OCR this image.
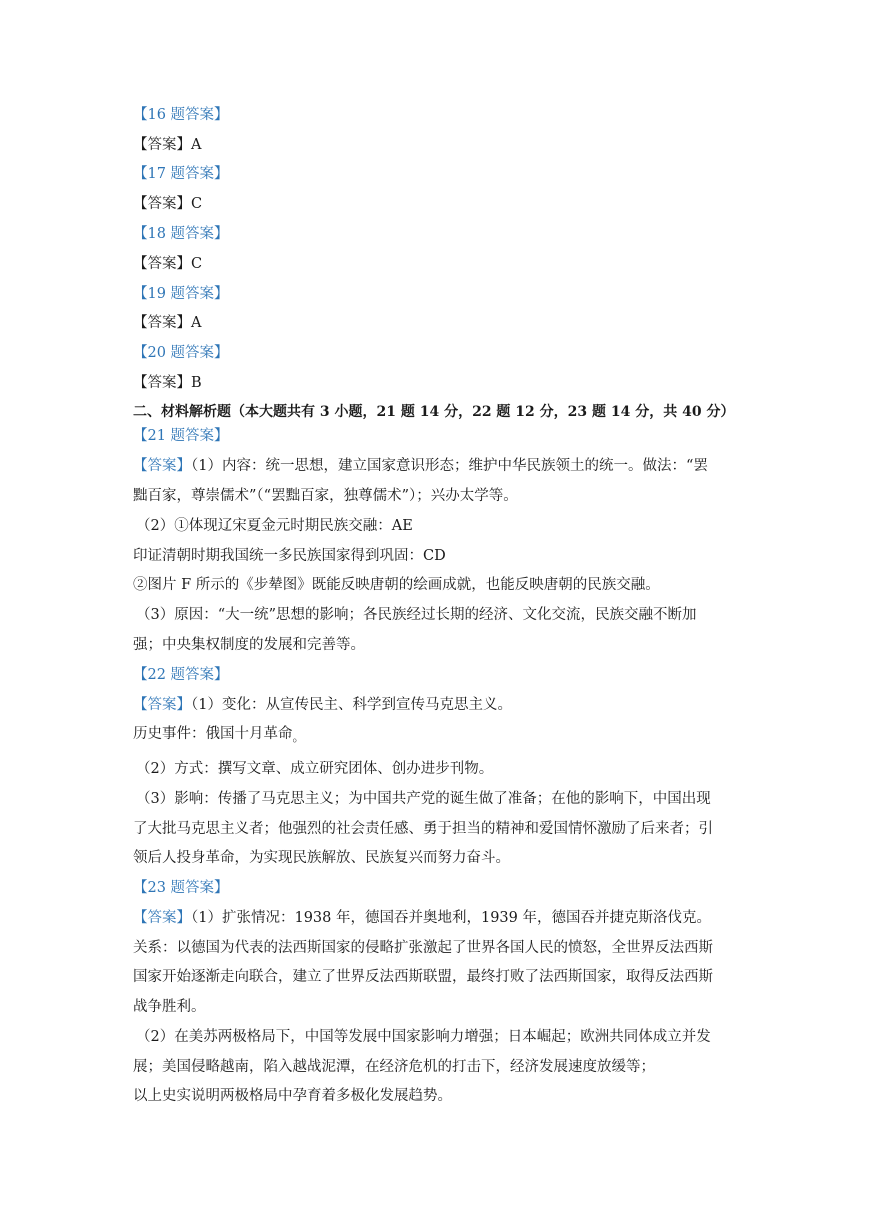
【16 题答案】
【答案】A
【17 题答案】
【答案】C
【18 题答案】
【答案】C
【19 题答案】
【答案】A
【20 题答案】
【答案】B
二、材料解析题（本大题共有 3 小题，21 题 14 分，22 题 12 分，23 题 14 分，共 40 分）
【21 题答案】
【答案】（1）内容：统一思想，建立国家意识形态；维护中华民族领土的统一。做法：“罢
黜百家，尊崇儒术”（“罢黜百家，独尊儒术”）；兴办太学等。
（2）①体现辽宋夏金元时期民族交融：AE
印证清朝时期我国统一多民族国家得到巩固：CD
②图片 F 所示的《步辇图》既能反映唐朝的绘画成就，也能反映唐朝的民族交融。
（3）原因：“大一统”思想的影响；各民族经过长期的经济、文化交流，民族交融不断加
强；中央集权制度的发展和完善等。
【22 题答案】
【答案】（1）变化：从宣传民主、科学到宣传马克思主义。
历史事件：俄国十月革命$_。$
（2）方式：撰写文章、成立研究团体、创办进步刊物。
（3）影响：传播了马克思主义；为中国共产党的诞生做了准备；在他的影响下，中国出现
了大批马克思主义者；他强烈的社会责任感、勇于担当的精神和爱国情怀激励了后来者；引
领后人投身革命，为实现民族解放、民族复兴而努力奋斗。
【23 题答案】
【答案】（1）扩张情况：1938 年，德国吞并奥地利，1939 年，德国吞并捷克斯洛伐克。
关系：以德国为代表的法西斯国家的侵略扩张激起了世界各国人民的愤怒，全世界反法西斯
国家开始逐渐走向联合，建立了世界反法西斯联盟，最终打败了法西斯国家，取得反法西斯
战争胜利。
（2）在美苏两极格局下，中国等发展中国家影响力增强；日本崛起；欧洲共同体成立并发
展；美国侵略越南，陷入越战泥潭，在经济危机的打击下，经济发展速度放缓等；
以上史实说明两极格局中孕育着多极化发展趋势。
